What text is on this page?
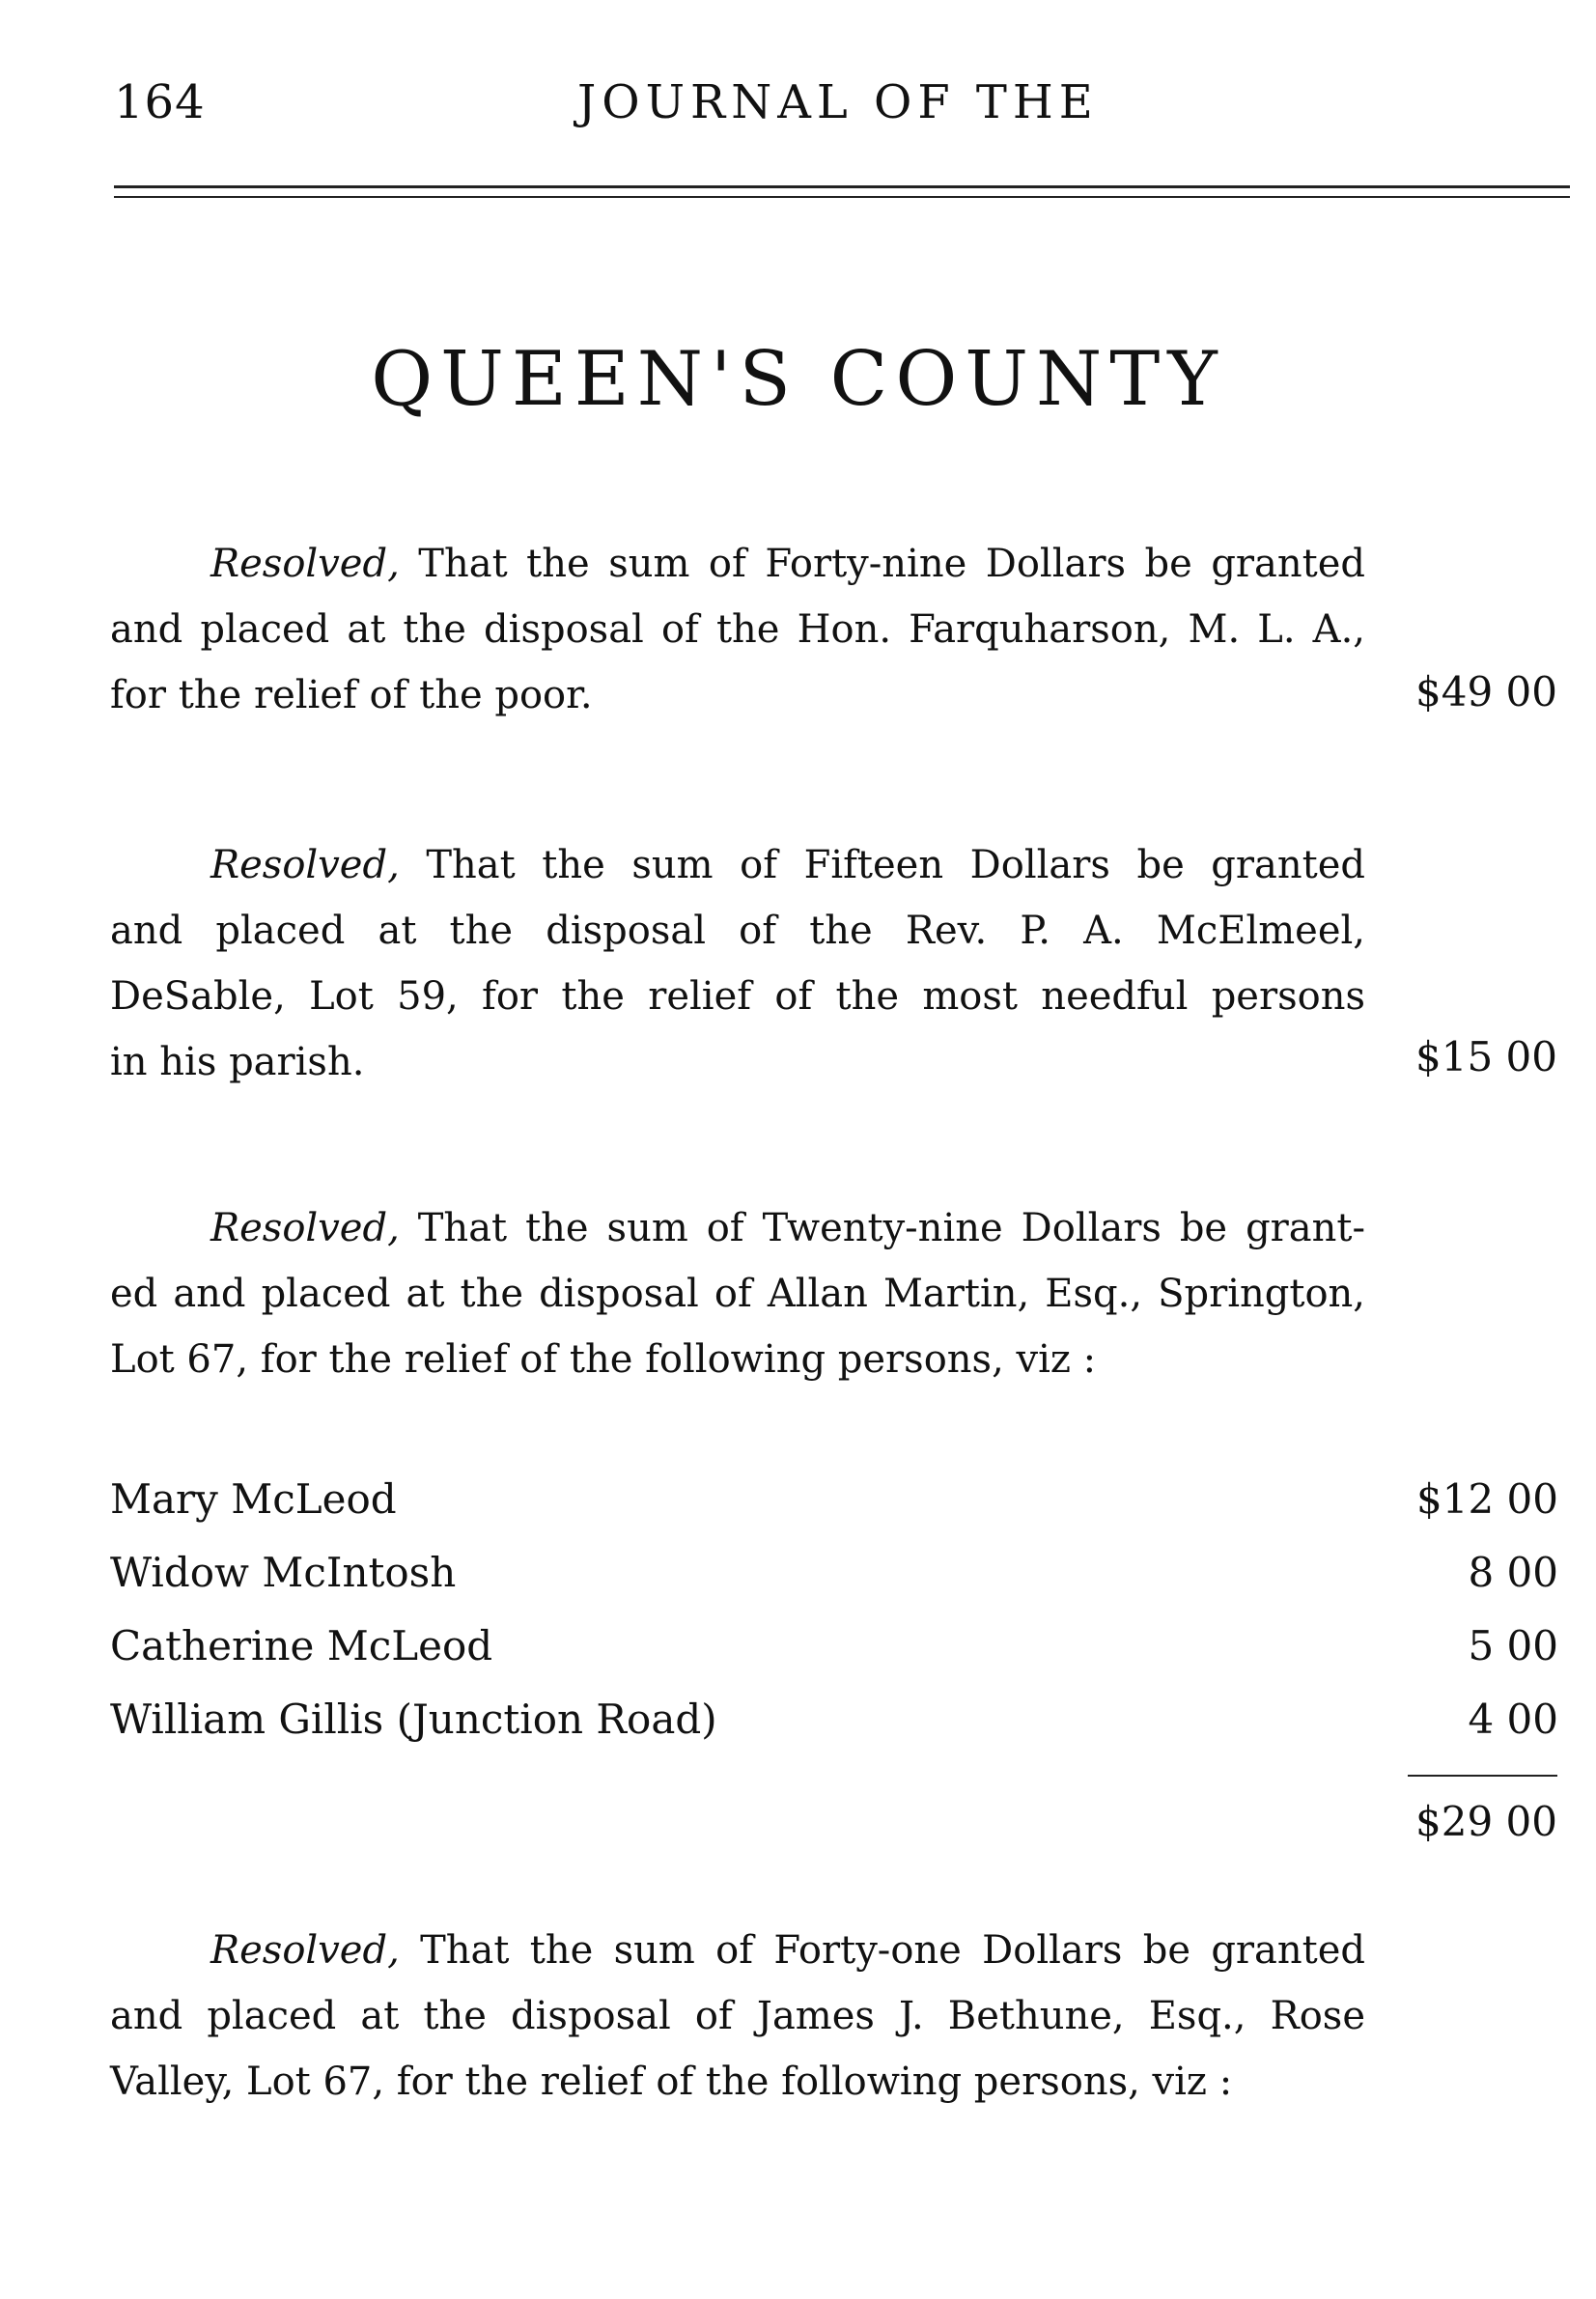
164	JOURNAL OF THE
QUEEN'S COUNTY
Resolved, That the sum of Forty-nine Dollars be granted
and placed at the disposal of the Hon. Farquharson, M. L. A.,
for the relief of the poor.	$49 00
Resolved, That the sum of Fifteen Dollars be granted
and placed at the disposal of the Rev. P. A. McElmeel,
DeSable, Lot 59, for the relief of the most needful persons
in his parish.	$15 00
Resolved, That the sum of Twenty-nine Dollars be grant-
ed and placed at the disposal of Allan Martin, Esq., Springton,
Lot 67, for the relief of the following persons, viz :
Mary McLeod	$12 00
Widow McIntosh	8 00
Catherine McLeod	5 00
William Gillis (Junction Road)	4 00
$29 00
Resolved, That the sum of Forty-one Dollars be granted
and placed at the disposal of James J. Bethune, Esq., Rose
Valley, Lot 67, for the relief of the following persons, viz :
